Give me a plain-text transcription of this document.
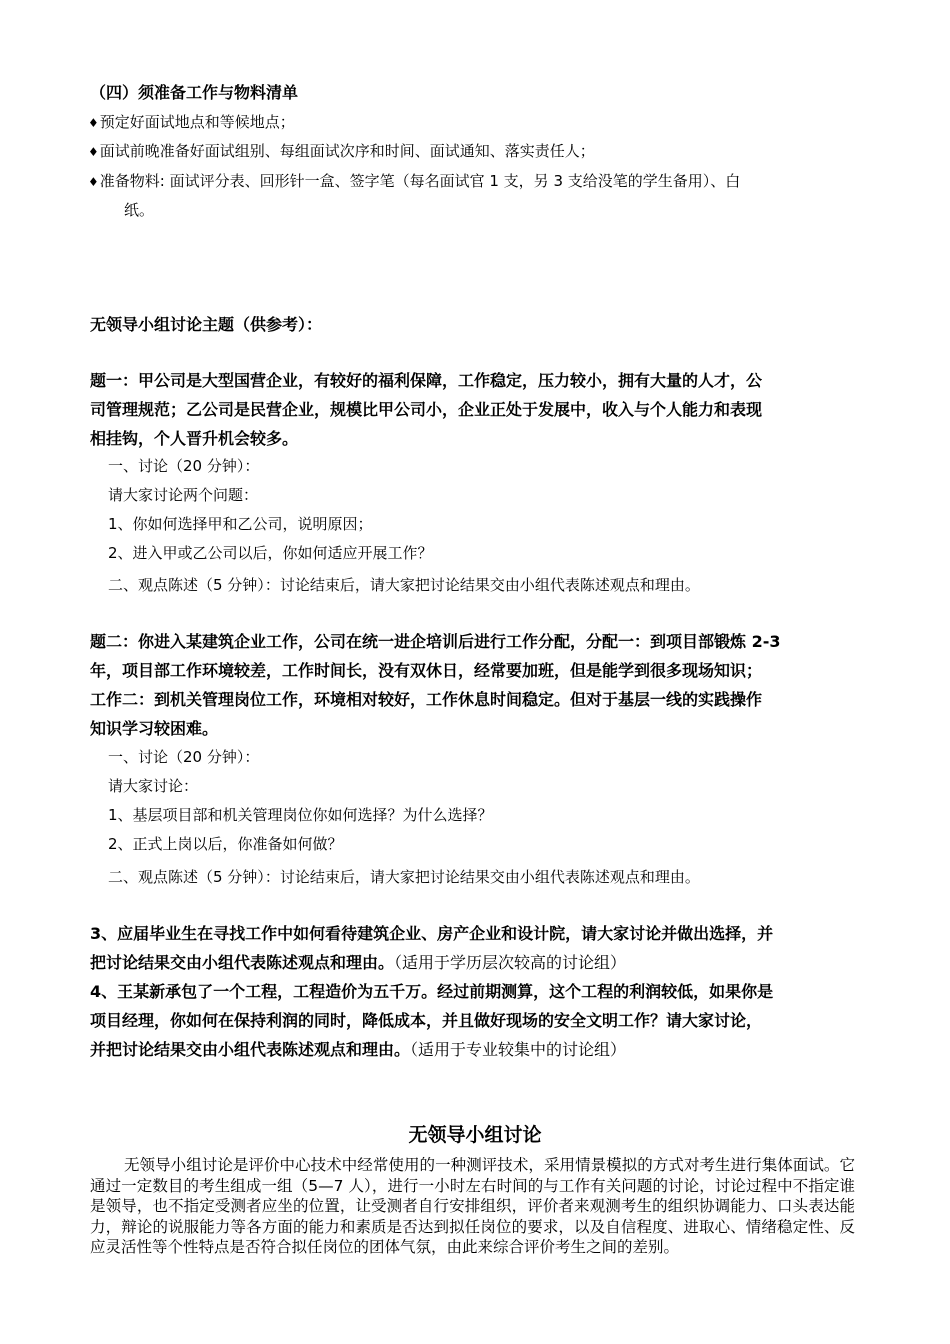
（四）须准备工作与物料清单
♦ 预定好面试地点和等候地点；
♦ 面试前晚准备好面试组别、每组面试次序和时间、面试通知、落实责任人；
♦ 准备物料: 面试评分表、回形针一盒、签字笔（每名面试官 1 支，另 3 支给没笔的学生备用）、白
纸。
无领导小组讨论主题（供参考）：
题一：甲公司是大型国营企业，有较好的福利保障，工作稳定，压力较小，拥有大量的人才，公
司管理规范；乙公司是民营企业，规模比甲公司小，企业正处于发展中，收入与个人能力和表现
相挂钩，个人晋升机会较多。
一、讨论（20 分钟）：
请大家讨论两个问题：
1、你如何选择甲和乙公司，说明原因；
2、进入甲或乙公司以后，你如何适应开展工作？
二、观点陈述（5 分钟）：讨论结束后，请大家把讨论结果交由小组代表陈述观点和理由。
题二：你进入某建筑企业工作，公司在统一进企培训后进行工作分配，分配一：到项目部锻炼 2-3
年，项目部工作环境较差，工作时间长，没有双休日，经常要加班，但是能学到很多现场知识；
工作二：到机关管理岗位工作，环境相对较好，工作休息时间稳定。但对于基层一线的实践操作
知识学习较困难。
一、讨论（20 分钟）：
请大家讨论：
1、基层项目部和机关管理岗位你如何选择？为什么选择？
2、正式上岗以后，你准备如何做？
二、观点陈述（5 分钟）：讨论结束后，请大家把讨论结果交由小组代表陈述观点和理由。
3、应届毕业生在寻找工作中如何看待建筑企业、房产企业和设计院，请大家讨论并做出选择，并
把讨论结果交由小组代表陈述观点和理由。（适用于学历层次较高的讨论组）
4、王某新承包了一个工程，工程造价为五千万。经过前期测算，这个工程的利润较低，如果你是
项目经理，你如何在保持利润的同时，降低成本，并且做好现场的安全文明工作？请大家讨论，
并把讨论结果交由小组代表陈述观点和理由。（适用于专业较集中的讨论组）
无领导小组讨论
无领导小组讨论是评价中心技术中经常使用的一种测评技术，采用情景模拟的方式对考生进行集体面试。它通过一定数目的考生组成一组（5—7 人），进行一小时左右时间的与工作有关问题的讨论，讨论过程中不指定谁是领导，也不指定受测者应坐的位置，让受测者自行安排组织，评价者来观测考生的组织协调能力、口头表达能力，辩论的说服能力等各方面的能力和素质是否达到拟任岗位的要求，以及自信程度、进取心、情绪稳定性、反应灵活性等个性特点是否符合拟任岗位的团体气氛，由此来综合评价考生之间的差别。
